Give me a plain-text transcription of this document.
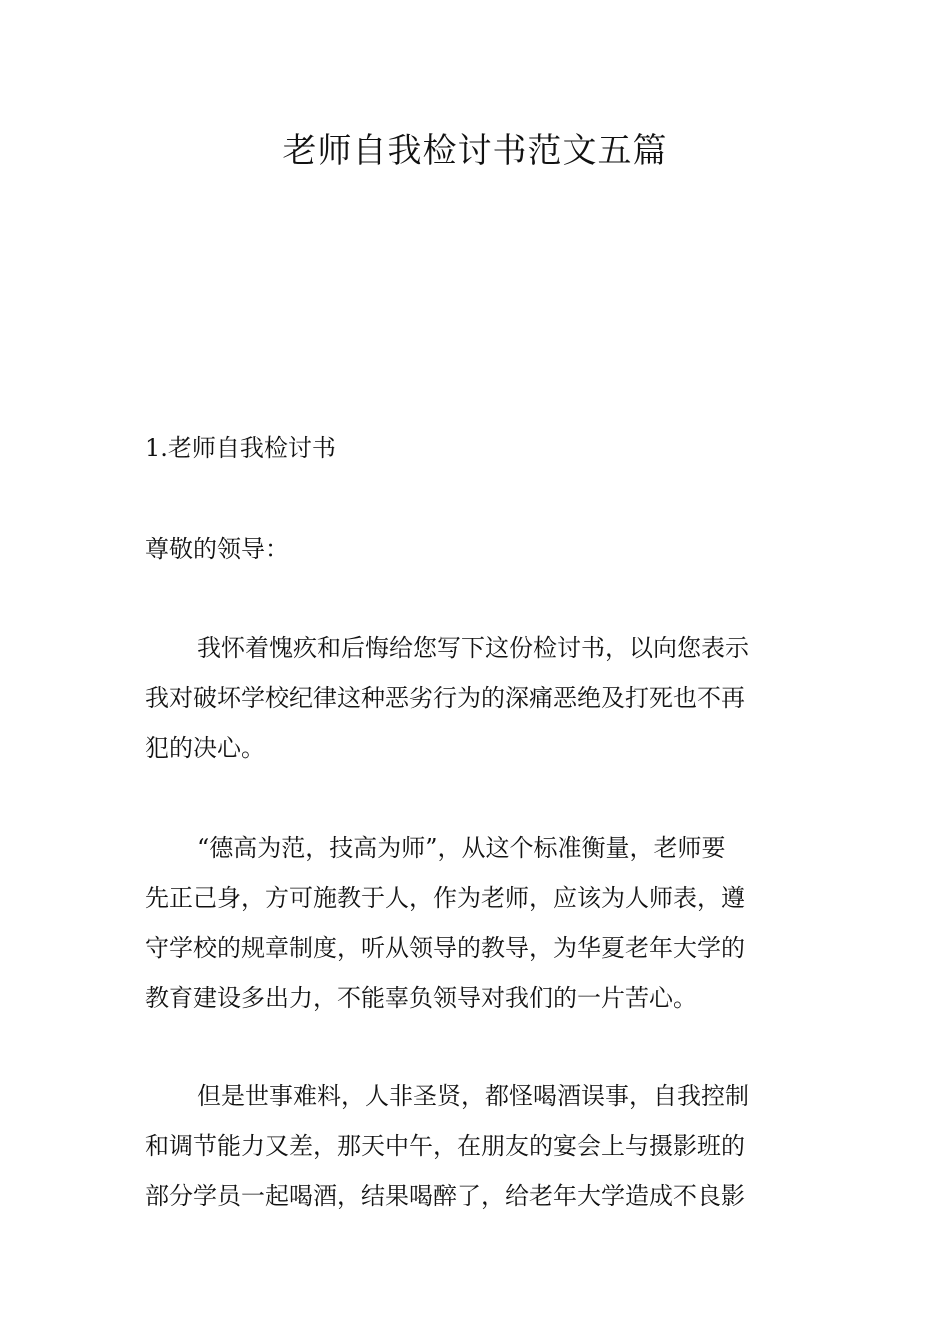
老师自我检讨书范文五篇
1.老师自我检讨书

尊敬的领导：

我怀着愧疚和后悔给您写下这份检讨书，以向您表示
我对破坏学校纪律这种恶劣行为的深痛恶绝及打死也不再
犯的决心。
“德高为范，技高为师”，从这个标准衡量，老师要
先正己身，方可施教于人，作为老师，应该为人师表，遵
守学校的规章制度，听从领导的教导，为华夏老年大学的
教育建设多出力，不能辜负领导对我们的一片苦心。
但是世事难料，人非圣贤，都怪喝酒误事，自我控制
和调节能力又差，那天中午，在朋友的宴会上与摄影班的
部分学员一起喝酒，结果喝醉了，给老年大学造成不良影
